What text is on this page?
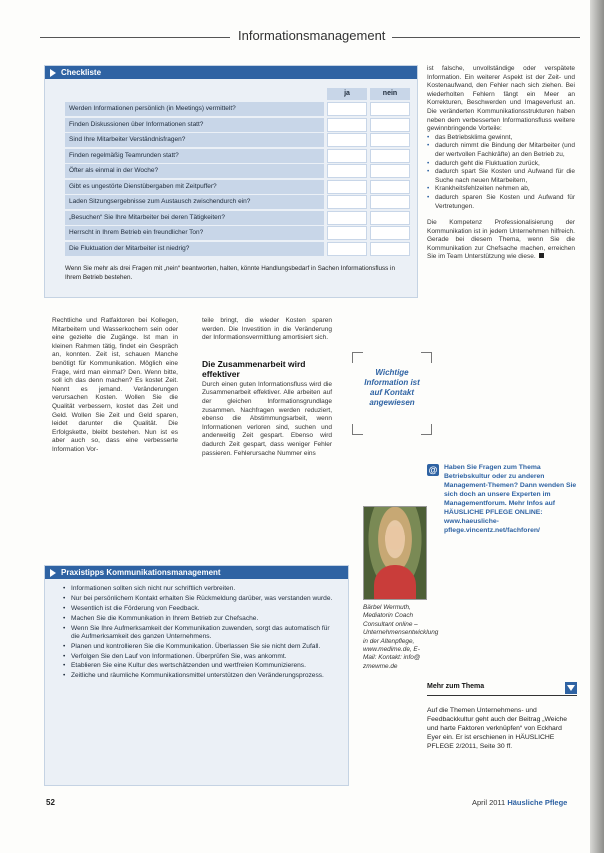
Informationsmanagement
Checkliste
ja	nein
Werden Informationen persönlich (in Meetings) vermittelt?
Finden Diskussionen über Informationen statt?
Sind Ihre Mitarbeiter Verständnisfragen?
Finden regelmäßig Teamrunden statt?
Öfter als einmal in der Woche?
Gibt es ungestörte Dienstübergaben mit Zeitpuffer?
Laden Sitzungsergebnisse zum Austausch zwischendurch ein?
„Besuchen“ Sie Ihre Mitarbeiter bei deren Tätigkeiten?
Herrscht in Ihrem Betrieb ein freundlicher Ton?
Die Fluktuation der Mitarbeiter ist niedrig?
Wenn Sie mehr als drei Fragen mit „nein“ beantworten, halten, könnte Handlungsbedarf in Sachen Informationsfluss in Ihrem Betrieb bestehen.

Rechtliche und Ratfaktoren bei Kollegen, Mitarbeitern und Wasserkochern sein oder eine gezielte die Zugänge. Ist man in kleinen Rahmen tätig, findet ein Gespräch an, konnten. Zeit ist, schauen Manche benötigt für Kommunikation. Möglich eine Frage, wird man einmal? Den. Wenn bitte, soll ich das denn machen? Es kostet Zeit. Nennt es jemand. Veränderungen verursachen Kosten. Wollen Sie die Qualität verbessern, kostet das Zeit und Geld. Wollen Sie Zeit und Geld sparen, leidet darunter die Qualität. Die Erfolgskette, bleibt bestehen. Nun ist es aber auch so, dass eine verbesserte Information Vor-

teile bringt, die wieder Kosten sparen werden. Die Investition in die Veränderung der Informationsvermittlung amortisiert sich.

Die Zusammenarbeit wird effektiver

Durch einen guten Informationsfluss wird die Zusammenarbeit effektiver. Alle arbeiten auf der gleichen Informationsgrundlage zusammen. Nachfragen werden reduziert, ebenso die Abstimmungsarbeit, wenn Informationen verloren sind, suchen und anderweitig Zeit gespart. Ebenso wird dadurch Zeit gespart, dass weniger Fehler passieren. Fehlerursache Nummer eins

Wichtige Information ist auf Kontakt angewiesen

ist falsche, unvollständige oder verspätete Information. Ein weiterer Aspekt ist der Zeit- und Kostenaufwand, den Fehler nach sich ziehen. Bei wiederholten Fehlern fängt ein Meer an Korrekturen, Beschwerden und Imageverlust an. Die veränderten Kommunikationsstrukturen haben neben dem verbesserten Informationsfluss weitere gewinnbringende Vorteile:

• das Betriebsklima gewinnt,
• dadurch nimmt die Bindung der Mitarbeiter (und der wertvollen Fachkräfte) an den Betrieb zu,
• dadurch geht die Fluktuation zurück,
• dadurch spart Sie Kosten und Aufwand für die Suche nach neuen Mitarbeitern,
• Krankheitsfehlzeiten nehmen ab,
• dadurch sparen Sie Kosten und Aufwand für Vertretungen.

Die Kompetenz Professionalisierung der Kommunikation ist in jedem Unternehmen hilfreich. Gerade bei diesem Thema, wenn Sie die Kommunikation zur Chefsache machen, erreichen Sie im Team Unterstützung wie diese.

@ Haben Sie Fragen zum Thema Betriebskultur oder zu anderen Management-Themen? Dann wenden Sie sich doch an unsere Experten im Managementforum. Mehr Infos auf HÄUSLICHE PFLEGE ONLINE: www.haeusliche-pflege.vincentz.net/fachforen/
Praxistipps Kommunikationsmanagement
• Informationen sollten sich nicht nur schriftlich verbreiten.
• Nur bei persönlichem Kontakt erhalten Sie Rückmeldung darüber, was verstanden wurde.
• Wesentlich ist die Förderung von Feedback.
• Machen Sie die Kommunikation in Ihrem Betrieb zur Chefsache.
• Wenn Sie Ihre Aufmerksamkeit der Kommunikation zuwenden, sorgt das automatisch für die Aufmerksamkeit des ganzen Unternehmens.
• Planen und kontrollieren Sie die Kommunikation. Überlassen Sie sie nicht dem Zufall.
• Verfolgen Sie den Lauf von Informationen. Überprüfen Sie, was ankommt.
• Etablieren Sie eine Kultur des wertschätzenden und wertfreien Kommunizierens.
• Zeitliche und räumliche Kommunikationsmittel unterstützen den Veränderungsprozess.
Bärbel Wermuth, Mediatorin Coach Consultant online – Unternehmensentwicklung in der Altenpflege, www.medime.de, E-Mail: Kontakt: info@ zmewme.de
Mehr zum Thema
Auf die Themen Unternehmens- und Feedbackkultur geht auch der Beitrag „Weiche und harte Faktoren verknüpfen“ von Eckhard Eyer ein. Er ist erschienen in HÄUSLICHE PFLEGE 2/2011, Seite 30 ff.
52	April 2011 Häusliche Pflege
